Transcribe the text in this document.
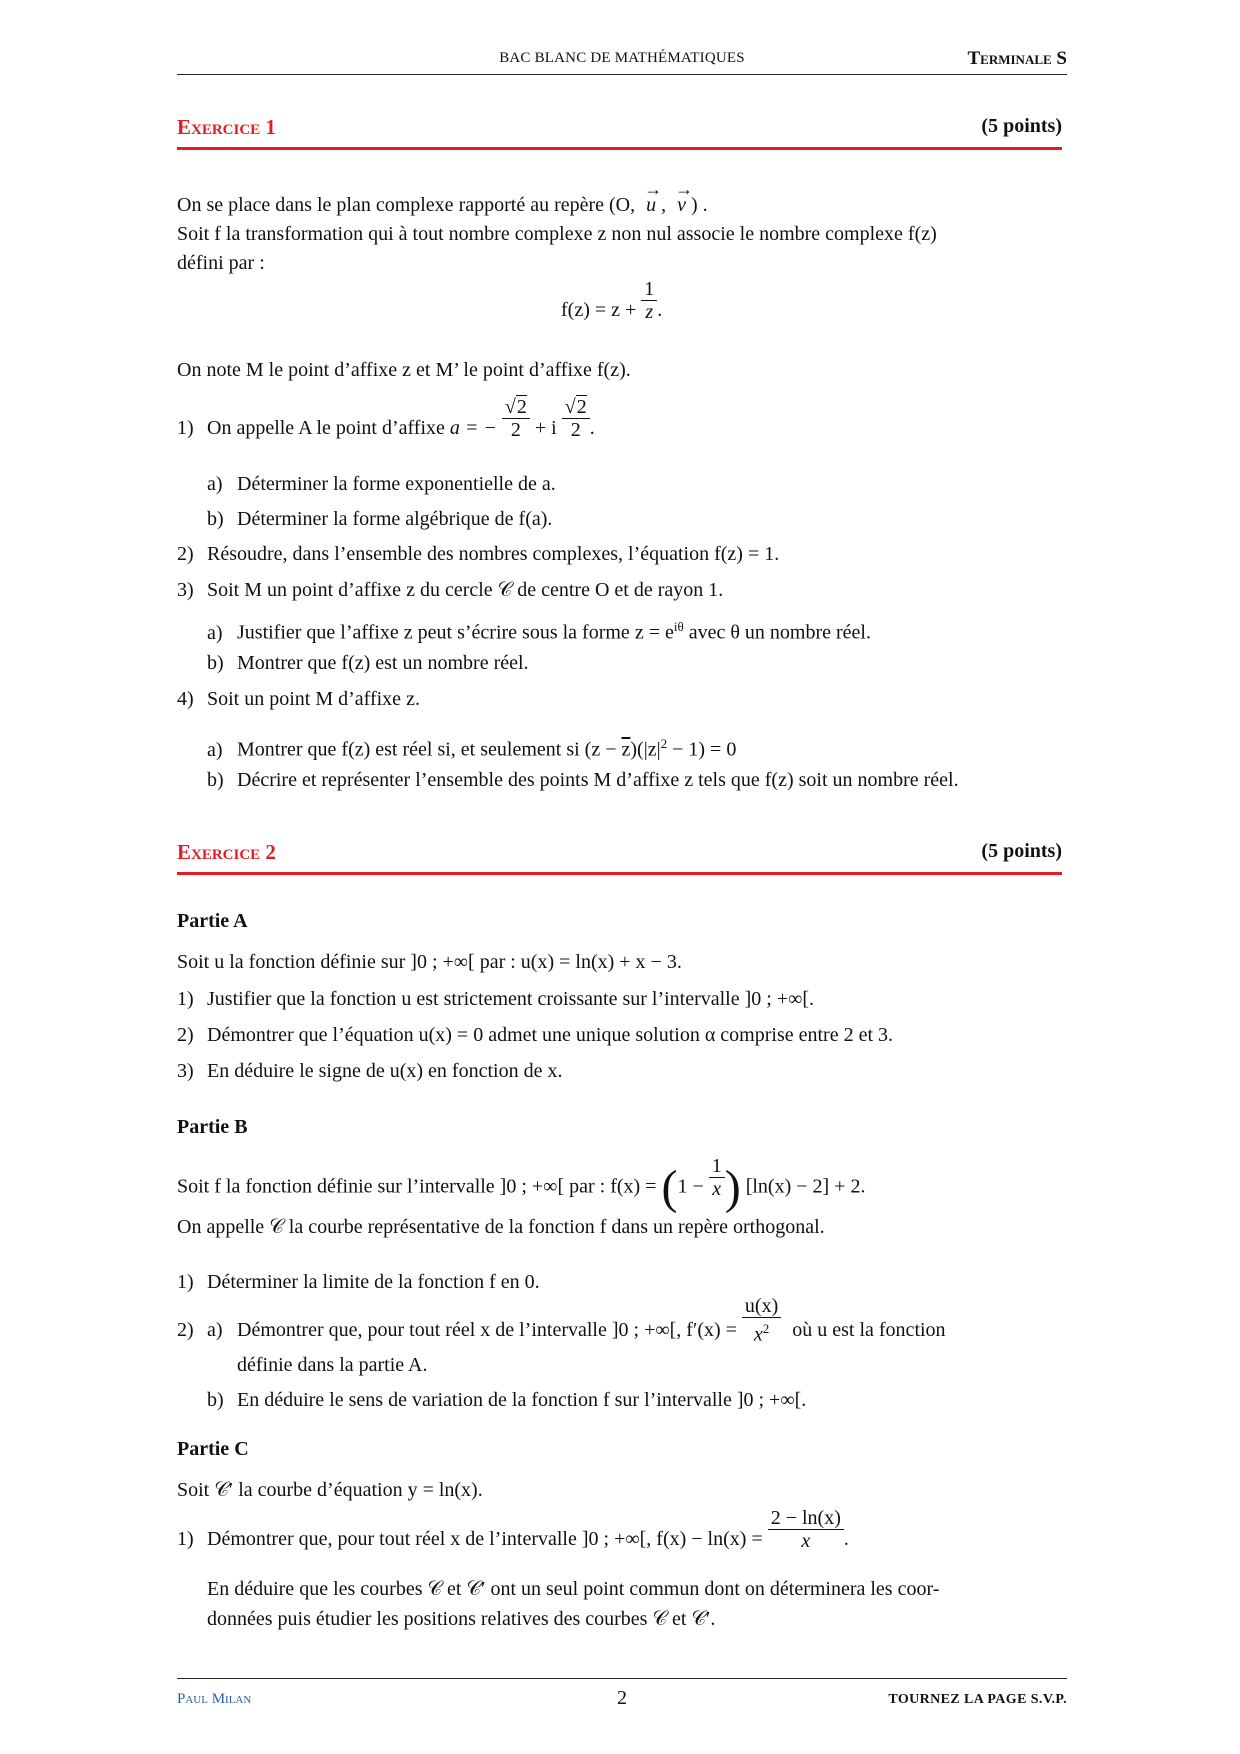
BAC BLANC DE MATHÉMATIQUES	Terminale S
Exercice 1	(5 points)
On se place dans le plan complexe rapporté au repère (O, → u , → v ) .
Soit f la transformation qui à tout nombre complexe z non nul associe le nombre complexe f(z)
défini par :
$f(z) = z + \frac{1}{z}$ .
On note M le point d’affixe z et M’ le point d’affixe f(z).
1) On appelle A le point d’affixe a = − $\frac{√2}{2} + i \frac{√2}{2}$ .
a) Déterminer la forme exponentielle de a.
b) Déterminer la forme algébrique de f(a).
2) Résoudre, dans l’ensemble des nombres complexes, l’équation f(z) = 1.
3) Soit M un point d’affixe z du cercle 𝒞 de centre O et de rayon 1.
a) Justifier que l’affixe z peut s’écrire sous la forme $z = e^{i\theta}$ avec θ un nombre réel.
b) Montrer que f(z) est un nombre réel.
4) Soit un point M d’affixe z.
a) Montrer que f(z) est réel si, et seulement si $(z - \overline{z})(|z|^2 - 1) = 0$
b) Décrire et représenter l’ensemble des points M d’affixe z tels que f(z) soit un nombre réel.
Exercice 2	(5 points)
Partie A
Soit u la fonction définie sur ]0 ; +∞[ par : u(x) = ln(x) + x − 3.
1) Justifier que la fonction u est strictement croissante sur l’intervalle ]0 ; +∞[.
2) Démontrer que l’équation u(x) = 0 admet une unique solution α comprise entre 2 et 3.
3) En déduire le signe de u(x) en fonction de x.
Partie B
Soit f la fonction définie sur l’intervalle ]0 ; +∞[ par : $f(x) = (1 - \frac{1}{x}$ ) [ln(x) − 2] + 2.
On appelle 𝒞 la courbe représentative de la fonction f dans un repère orthogonal.
1) Déterminer la limite de la fonction f en 0.
2) a) Démontrer que, pour tout réel x de l’intervalle ]0 ; +∞[, $f'(x) = \frac{u(x)}{x^2}$ où u est la fonction
définie dans la partie A.
b) En déduire le sens de variation de la fonction f sur l’intervalle ]0 ; +∞[.
Partie C
Soit 𝒞′ la courbe d’équation y = ln(x).
1) Démontrer que, pour tout réel x de l’intervalle ]0 ; +∞[, $f(x) - \ln(x) = \frac{2 - \ln(x)}{x}$ .
En déduire que les courbes 𝒞 et 𝒞′ ont un seul point commun dont on déterminera les coor-
données puis étudier les positions relatives des courbes 𝒞 et 𝒞′.
Paul Milan	2	TOURNEZ LA PAGE S.V.P.
